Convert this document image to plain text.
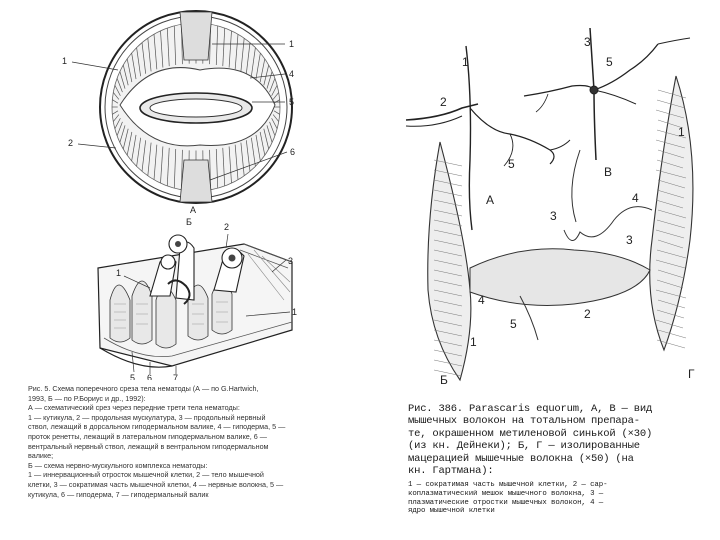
1
1
4
5
2
6
А
2
3
1
1
5 6 7
Б
Рис. 5. Схема поперечного среза тела нематоды (А — по G.Hartwich,
1993, Б — по Р.Бориус и др., 1992):
А — схематический срез через передние трети тела нематоды:
1 — кутикула, 2 — продольная мускулатура, 3 — продольный нервный
ствол, лежащий в дорсальном гиподермальном валике, 4 — гиподерма, 5 —
проток ренетты, лежащий в латеральном гиподермальном валике, 6 —
вентральный нервный ствол, лежащий в вентральном гиподермальном
валике;
Б — схема нервно-мускульного комплекса нематоды:
1 — иннервационный отросток мышечной клетки, 2 — тело мышечной
клетки, 3 — сократимая часть мышечной клетки, 4 — нервные волокна, 5 —
кутикула, 6 — гиподерма, 7 — гиподермальный валик
1
2
3
5
1
5
4
3
3
4
2
5
1
А
Б
В
Г
Рис. 386. Parascaris equorum, А, В — вид
мышечных волокон на тотальном препара-
те, окрашенном метиленовой синькой (×30)
(из кн. Дейнеки); Б, Г — изолированные
мацерацией мышечные волокна (×50) (на
кн. Гартмана):
1 — сократимая часть мышечной клетки, 2 — сар-
коплазматический мешок мышечного волокна, 3 —
плазматические отростки мышечных волокон, 4 —
ядро мышечной клетки
